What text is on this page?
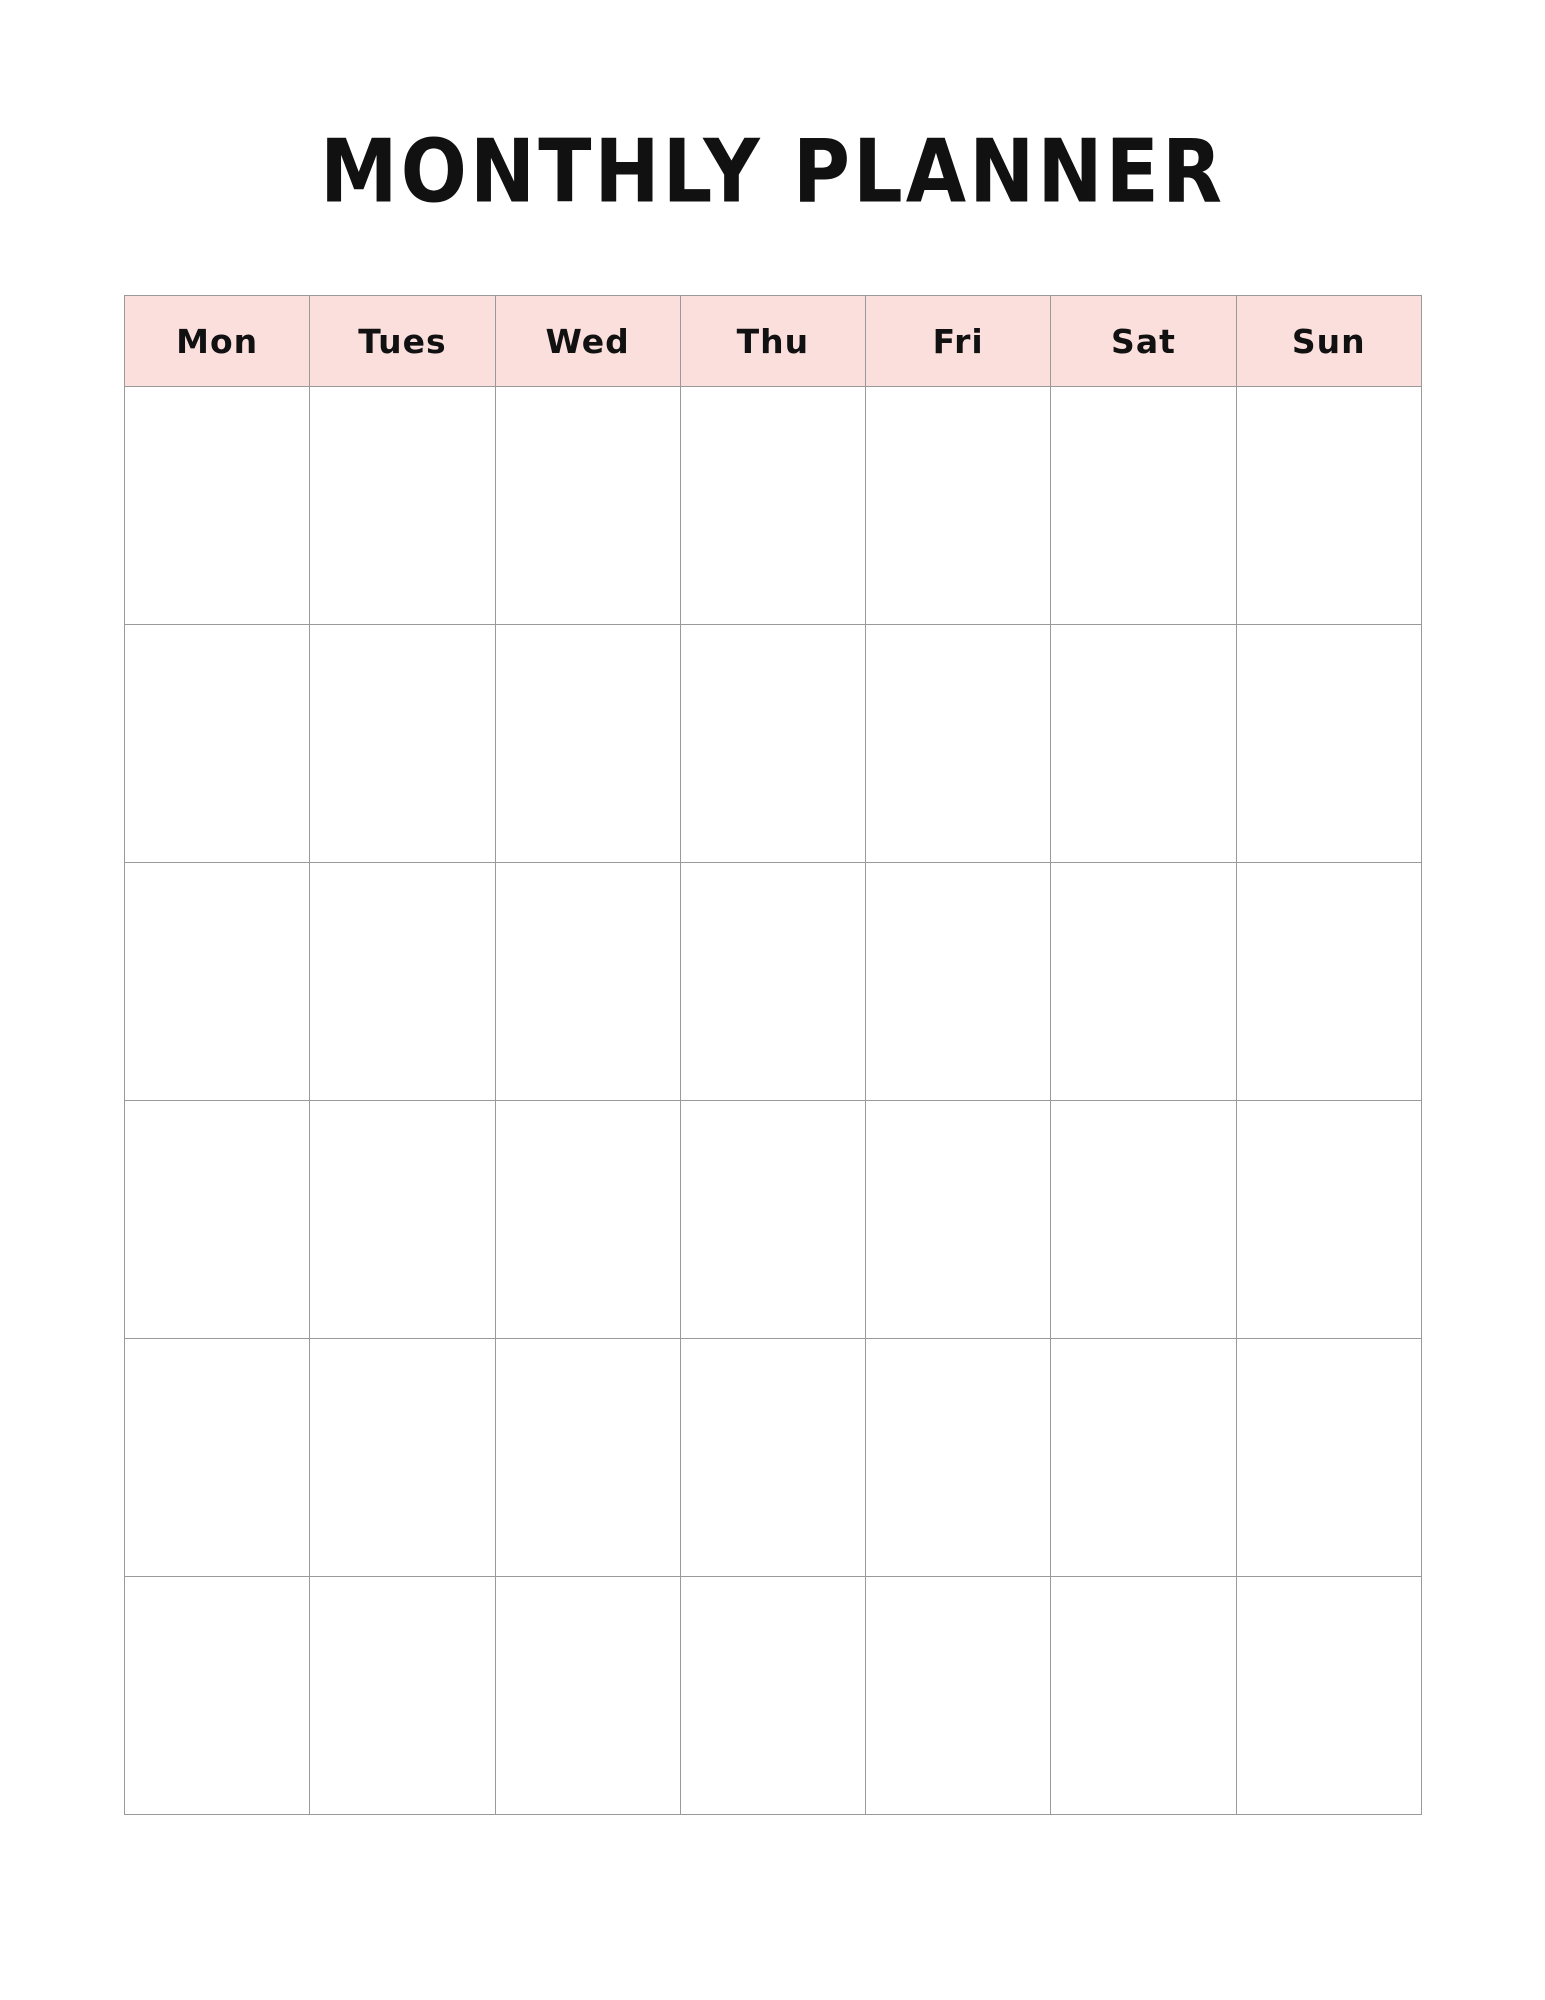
MONTHLY PLANNER
Mon	Tues	Wed	Thu	Fri	Sat	Sun
